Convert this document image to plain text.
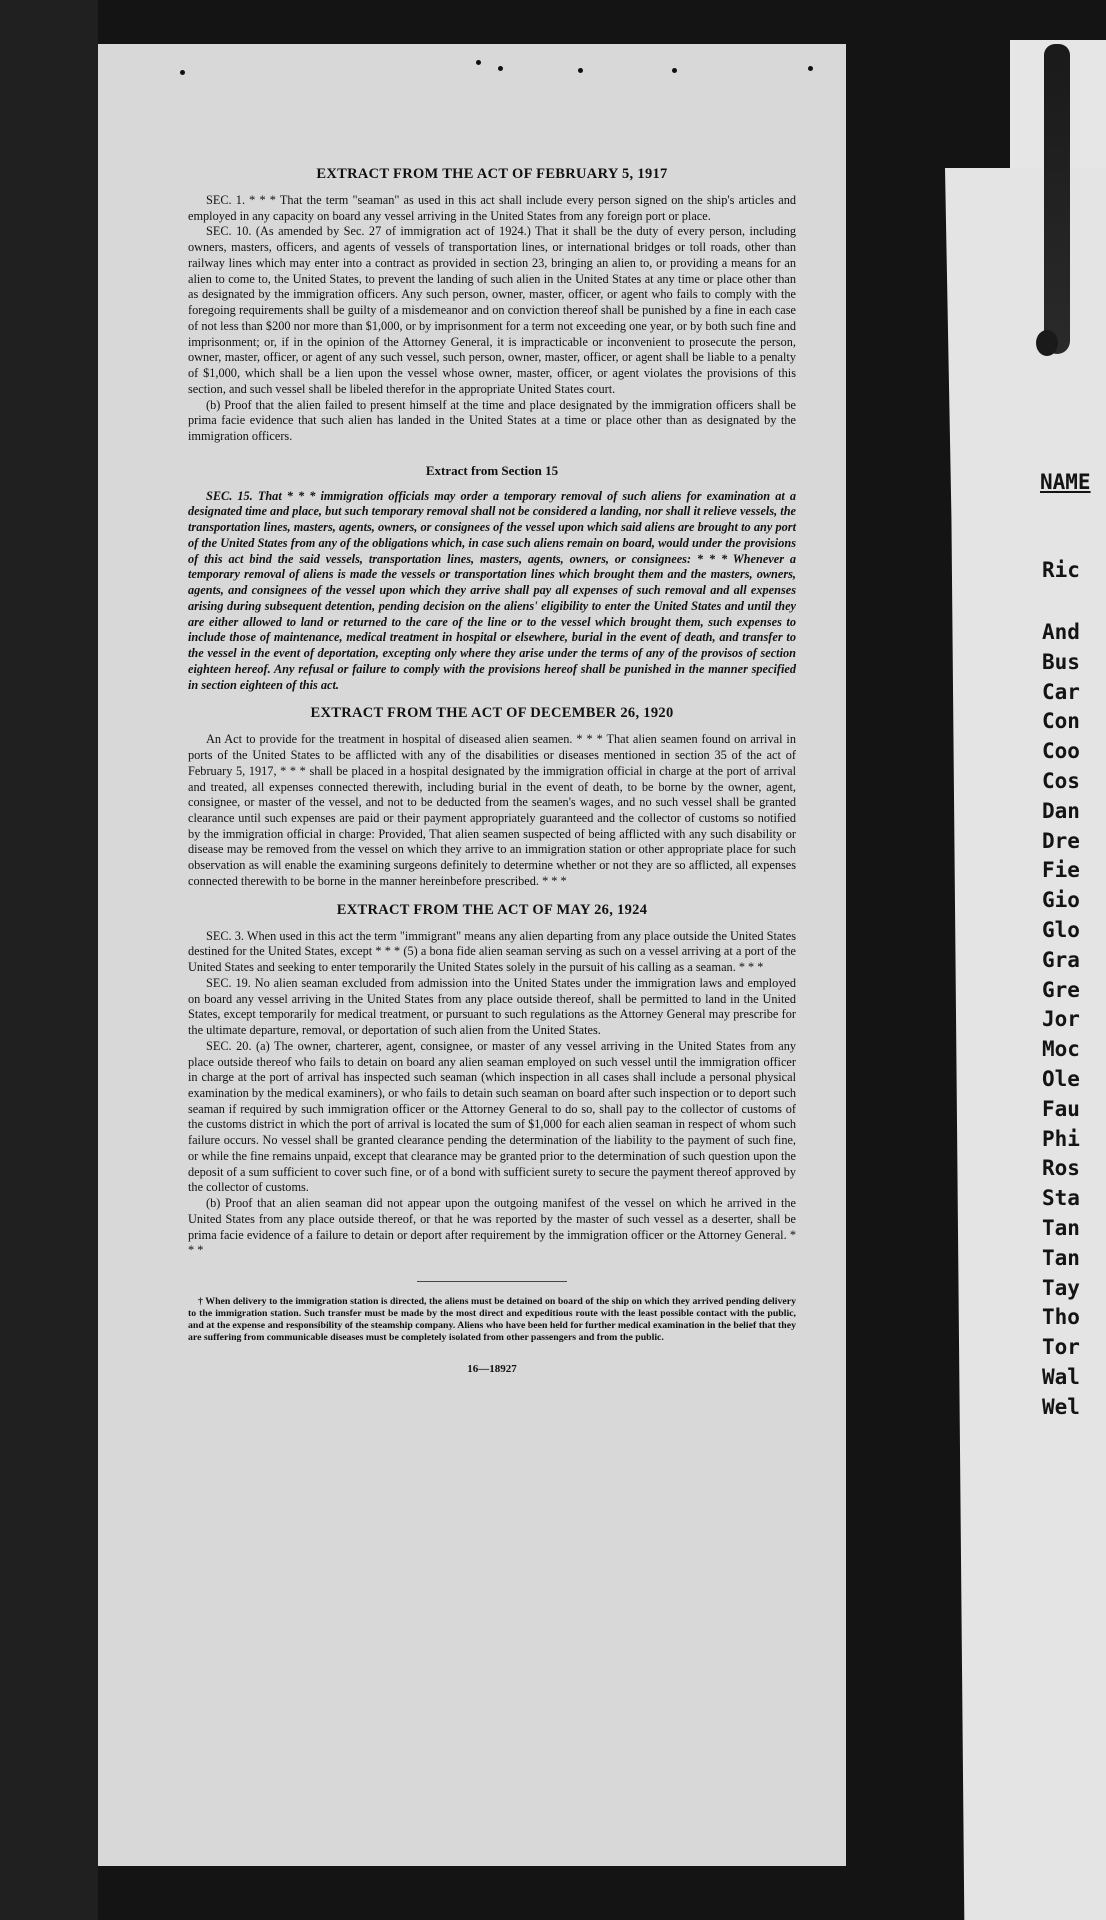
EXTRACT FROM THE ACT OF FEBRUARY 5, 1917

SEC. 1. * * * That the term "seaman" as used in this act shall include every person signed on the ship's articles and employed in any capacity on board any vessel arriving in the United States from any foreign port or place.

SEC. 10. (As amended by Sec. 27 of immigration act of 1924.) That it shall be the duty of every person, including owners, masters, officers, and agents of vessels of transportation lines, or international bridges or toll roads, other than railway lines which may enter into a contract as provided in section 23, bringing an alien to, or providing a means for an alien to come to, the United States, to prevent the landing of such alien in the United States at any time or place other than as designated by the immigration officers. Any such person, owner, master, officer, or agent who fails to comply with the foregoing requirements shall be guilty of a misdemeanor and on conviction thereof shall be punished by a fine in each case of not less than $200 nor more than $1,000, or by imprisonment for a term not exceeding one year, or by both such fine and imprisonment; or, if in the opinion of the Attorney General, it is impracticable or inconvenient to prosecute the person, owner, master, officer, or agent of any such vessel, such person, owner, master, officer, or agent shall be liable to a penalty of $1,000, which shall be a lien upon the vessel whose owner, master, officer, or agent violates the provisions of this section, and such vessel shall be libeled therefor in the appropriate United States court.

(b) Proof that the alien failed to present himself at the time and place designated by the immigration officers shall be prima facie evidence that such alien has landed in the United States at a time or place other than as designated by the immigration officers.

Extract from Section 15

SEC. 15. That * * * immigration officials may order a temporary removal of such aliens for examination at a designated time and place, but such temporary removal shall not be considered a landing, nor shall it relieve vessels, the transportation lines, masters, agents, owners, or consignees of the vessel upon which said aliens are brought to any port of the United States from any of the obligations which, in case such aliens remain on board, would under the provisions of this act bind the said vessels, transportation lines, masters, agents, owners, or consignees: * * * Whenever a temporary removal of aliens is made the vessels or transportation lines which brought them and the masters, owners, agents, and consignees of the vessel upon which they arrive shall pay all expenses of such removal and all expenses arising during subsequent detention, pending decision on the aliens' eligibility to enter the United States and until they are either allowed to land or returned to the care of the line or to the vessel which brought them, such expenses to include those of maintenance, medical treatment in hospital or elsewhere, burial in the event of death, and transfer to the vessel in the event of deportation, excepting only where they arise under the terms of any of the provisos of section eighteen hereof. Any refusal or failure to comply with the provisions hereof shall be punished in the manner specified in section eighteen of this act.

EXTRACT FROM THE ACT OF DECEMBER 26, 1920

An Act to provide for the treatment in hospital of diseased alien seamen. * * * That alien seamen found on arrival in ports of the United States to be afflicted with any of the disabilities or diseases mentioned in section 35 of the act of February 5, 1917, * * * shall be placed in a hospital designated by the immigration official in charge at the port of arrival and treated, all expenses connected therewith, including burial in the event of death, to be borne by the owner, agent, consignee, or master of the vessel, and not to be deducted from the seamen's wages, and no such vessel shall be granted clearance until such expenses are paid or their payment appropriately guaranteed and the collector of customs so notified by the immigration official in charge: Provided, That alien seamen suspected of being afflicted with any such disability or disease may be removed from the vessel on which they arrive to an immigration station or other appropriate place for such observation as will enable the examining surgeons definitely to determine whether or not they are so afflicted, all expenses connected therewith to be borne in the manner hereinbefore prescribed. * * *

EXTRACT FROM THE ACT OF MAY 26, 1924

SEC. 3. When used in this act the term "immigrant" means any alien departing from any place outside the United States destined for the United States, except * * * (5) a bona fide alien seaman serving as such on a vessel arriving at a port of the United States and seeking to enter temporarily the United States solely in the pursuit of his calling as a seaman. * * *

SEC. 19. No alien seaman excluded from admission into the United States under the immigration laws and employed on board any vessel arriving in the United States from any place outside thereof, shall be permitted to land in the United States, except temporarily for medical treatment, or pursuant to such regulations as the Attorney General may prescribe for the ultimate departure, removal, or deportation of such alien from the United States.

SEC. 20. (a) The owner, charterer, agent, consignee, or master of any vessel arriving in the United States from any place outside thereof who fails to detain on board any alien seaman employed on such vessel until the immigration officer in charge at the port of arrival has inspected such seaman (which inspection in all cases shall include a personal physical examination by the medical examiners), or who fails to detain such seaman on board after such inspection or to deport such seaman if required by such immigration officer or the Attorney General to do so, shall pay to the collector of customs of the customs district in which the port of arrival is located the sum of $1,000 for each alien seaman in respect of whom such failure occurs. No vessel shall be granted clearance pending the determination of the liability to the payment of such fine, or while the fine remains unpaid, except that clearance may be granted prior to the determination of such question upon the deposit of a sum sufficient to cover such fine, or of a bond with sufficient surety to secure the payment thereof approved by the collector of customs.

(b) Proof that an alien seaman did not appear upon the outgoing manifest of the vessel on which he arrived in the United States from any place outside thereof, or that he was reported by the master of such vessel as a deserter, shall be prima facie evidence of a failure to detain or deport after requirement by the immigration officer or the Attorney General. * * *

† When delivery to the immigration station is directed, the aliens must be detained on board of the ship on which they arrived pending delivery to the immigration station. Such transfer must be made by the most direct and expeditious route with the least possible contact with the public, and at the expense and responsibility of the steamship company. Aliens who have been held for further medical examination in the belief that they are suffering from communicable diseases must be completely isolated from other passengers and from the public.

16—18927
NAME
Ric
And
Bus
Car
Con
Coo
Cos
Dan
Dre
Fie
Gio
Glo
Gra
Gre
Jor
Moc
Ole
Fau
Phi
Ros
Sta
Tan
Tan
Tay
Tho
Tor
Wal
Wel
